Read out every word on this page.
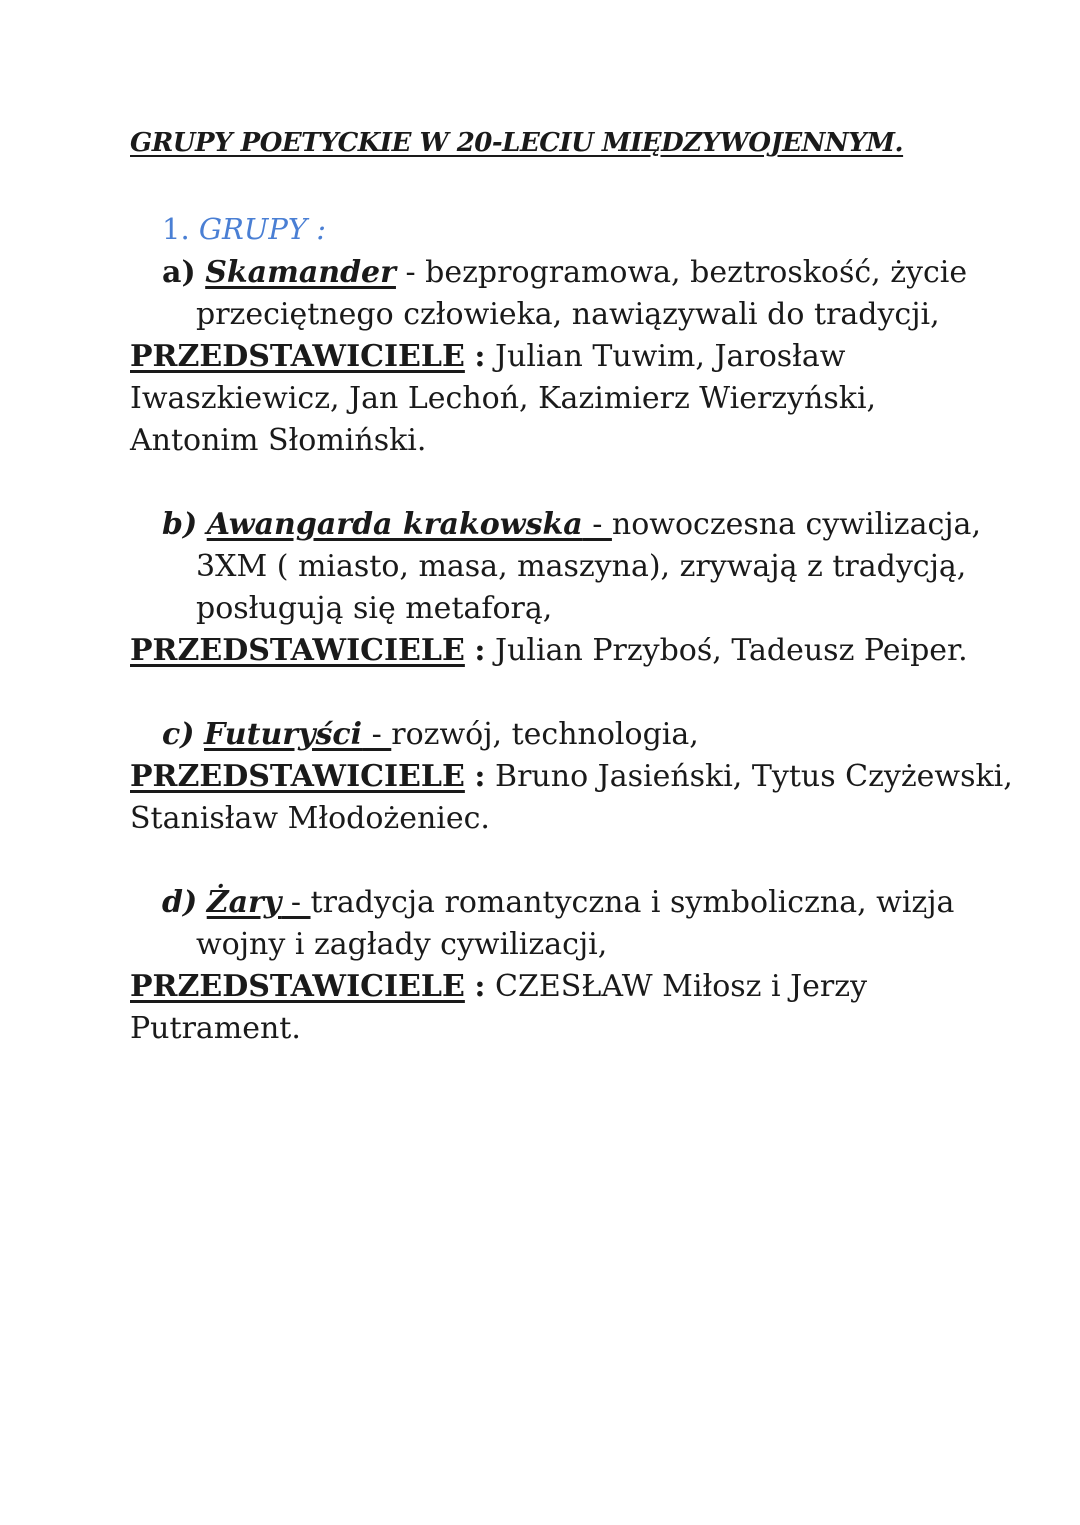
GRUPY POETYCKIE W 20-LECIU MIĘDZYWOJENNYM.
1. GRUPY :
a) Skamander - bezprogramowa, beztroskość, życie
przeciętnego człowieka, nawiązywali do tradycji,
PRZEDSTAWICIELE : Julian Tuwim, Jarosław
Iwaszkiewicz, Jan Lechoń, Kazimierz Wierzyński,
Antonim Słomiński.
b) Awangarda krakowska - nowoczesna cywilizacja,
3XM ( miasto, masa, maszyna), zrywają z tradycją,
posługują się metaforą,
PRZEDSTAWICIELE : Julian Przyboś, Tadeusz Peiper.
c) Futuryści - rozwój, technologia,
PRZEDSTAWICIELE : Bruno Jasieński, Tytus Czyżewski,
Stanisław Młodożeniec.
d) Żary - tradycja romantyczna i symboliczna, wizja
wojny i zagłady cywilizacji,
PRZEDSTAWICIELE : CZESŁAW Miłosz i Jerzy
Putrament.
